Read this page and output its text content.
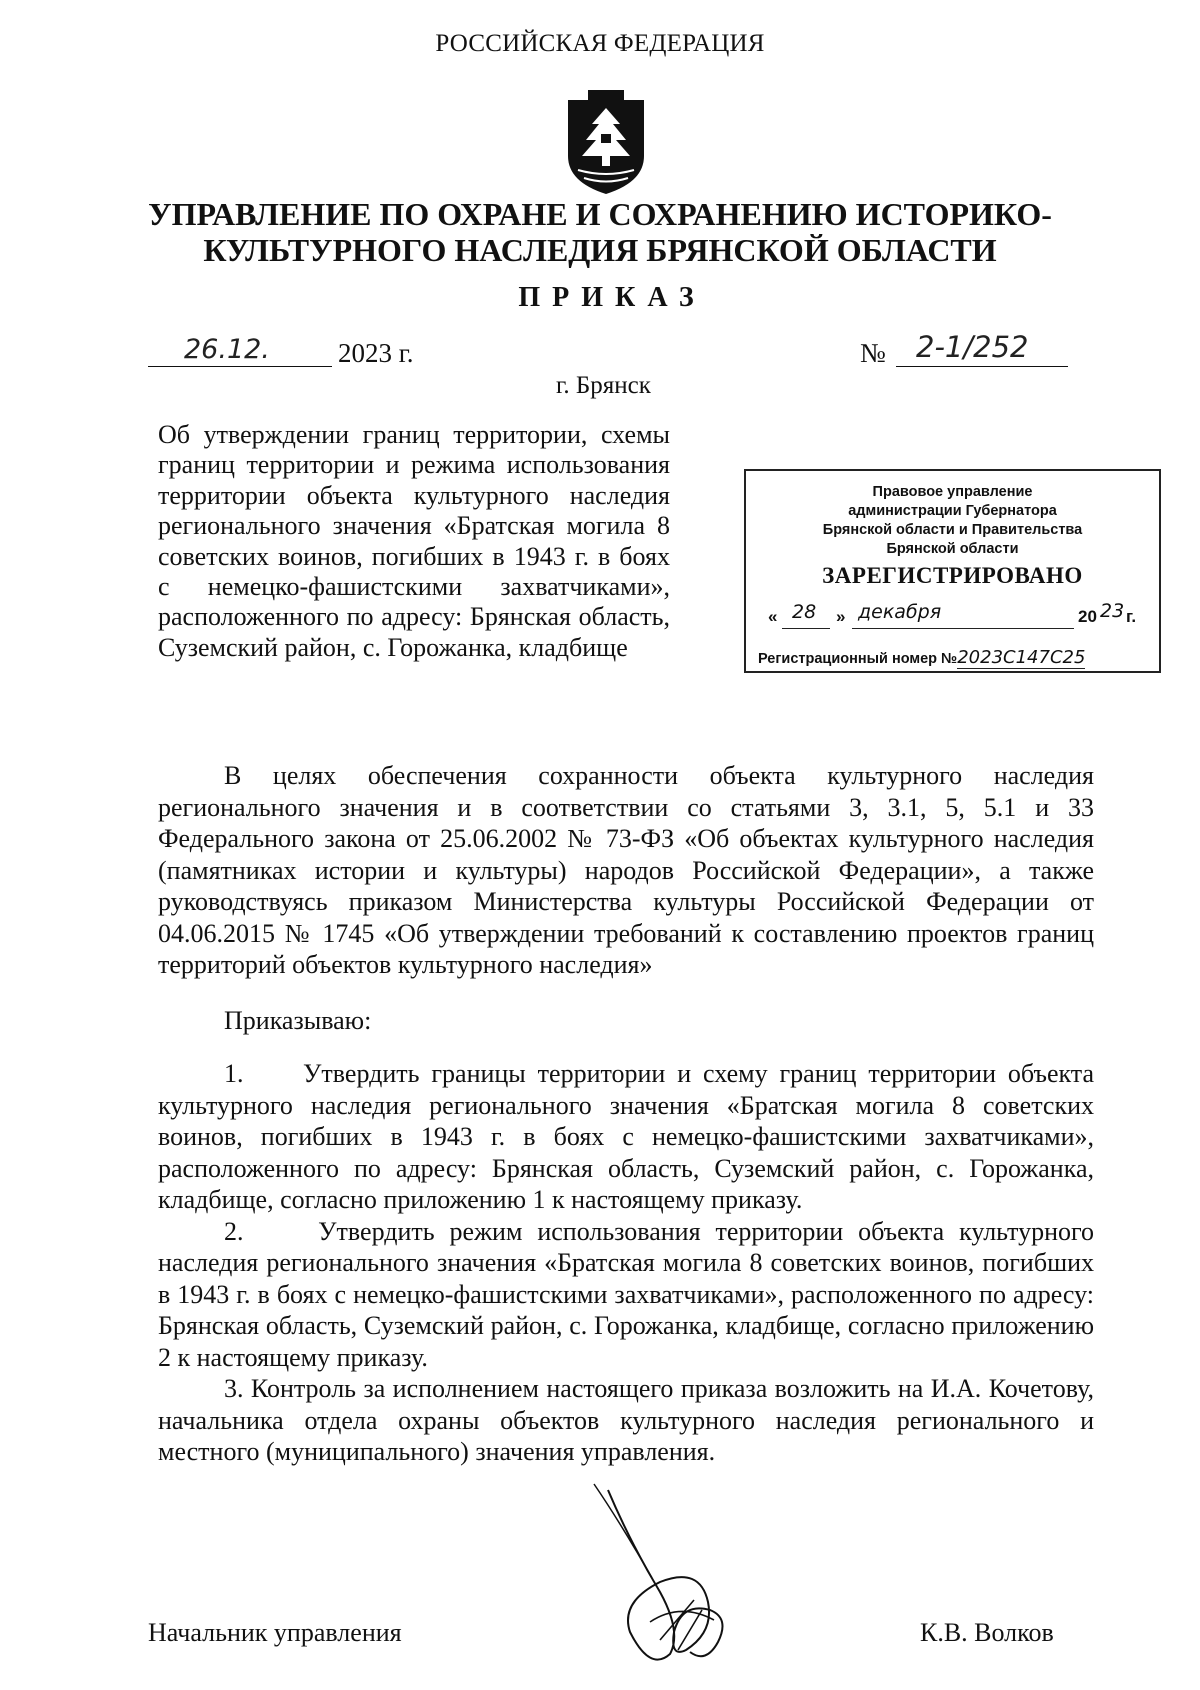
РОССИЙСКАЯ ФЕДЕРАЦИЯ
УПРАВЛЕНИЕ ПО ОХРАНЕ И СОХРАНЕНИЮ ИСТОРИКО-
КУЛЬТУРНОГО НАСЛЕДИЯ БРЯНСКОЙ ОБЛАСТИ
ПРИКАЗ
26.12.	2023 г.	№ 2-1/252
г. Брянск
Об утверждении границ территории, схемы границ территории и режима использования территории объекта культурного наследия регионального значения «Братская могила 8 советских воинов, погибших в 1943 г. в боях с немецко-фашистскими захватчиками», расположенного по адресу: Брянская область, Суземский район, с. Горожанка, кладбище
Правовое управление
администрации Губернатора
Брянской области и Правительства
Брянской области
ЗАРЕГИСТРИРОВАНО
« 28 » декабря	20 23 г.
Регистрационный номер №2023С147С25
В целях обеспечения сохранности объекта культурного наследия регионального значения и в соответствии со статьями 3, 3.1, 5, 5.1 и 33 Федерального закона от 25.06.2002 № 73-ФЗ «Об объектах культурного наследия (памятниках истории и культуры) народов Российской Федерации», а также руководствуясь приказом Министерства культуры Российской Федерации от 04.06.2015 № 1745 «Об утверждении требований к составлению проектов границ территорий объектов культурного наследия»
Приказываю:

1.     Утвердить границы территории и схему границ территории объекта культурного наследия регионального значения «Братская могила 8 советских воинов, погибших в 1943 г. в боях с немецко-фашистскими захватчиками», расположенного по адресу: Брянская область, Суземский район, с. Горожанка, кладбище, согласно приложению 1 к настоящему приказу.

2.     Утвердить режим использования территории объекта культурного наследия регионального значения «Братская могила 8 советских воинов, погибших в 1943 г. в боях с немецко-фашистскими захватчиками», расположенного по адресу: Брянская область, Суземский район, с. Горожанка, кладбище, согласно приложению 2 к настоящему приказу.

3. Контроль за исполнением настоящего приказа возложить на И.А. Кочетову, начальника отдела охраны объектов культурного наследия регионального и местного (муниципального) значения управления.

Начальник управления	К.В. Волков
